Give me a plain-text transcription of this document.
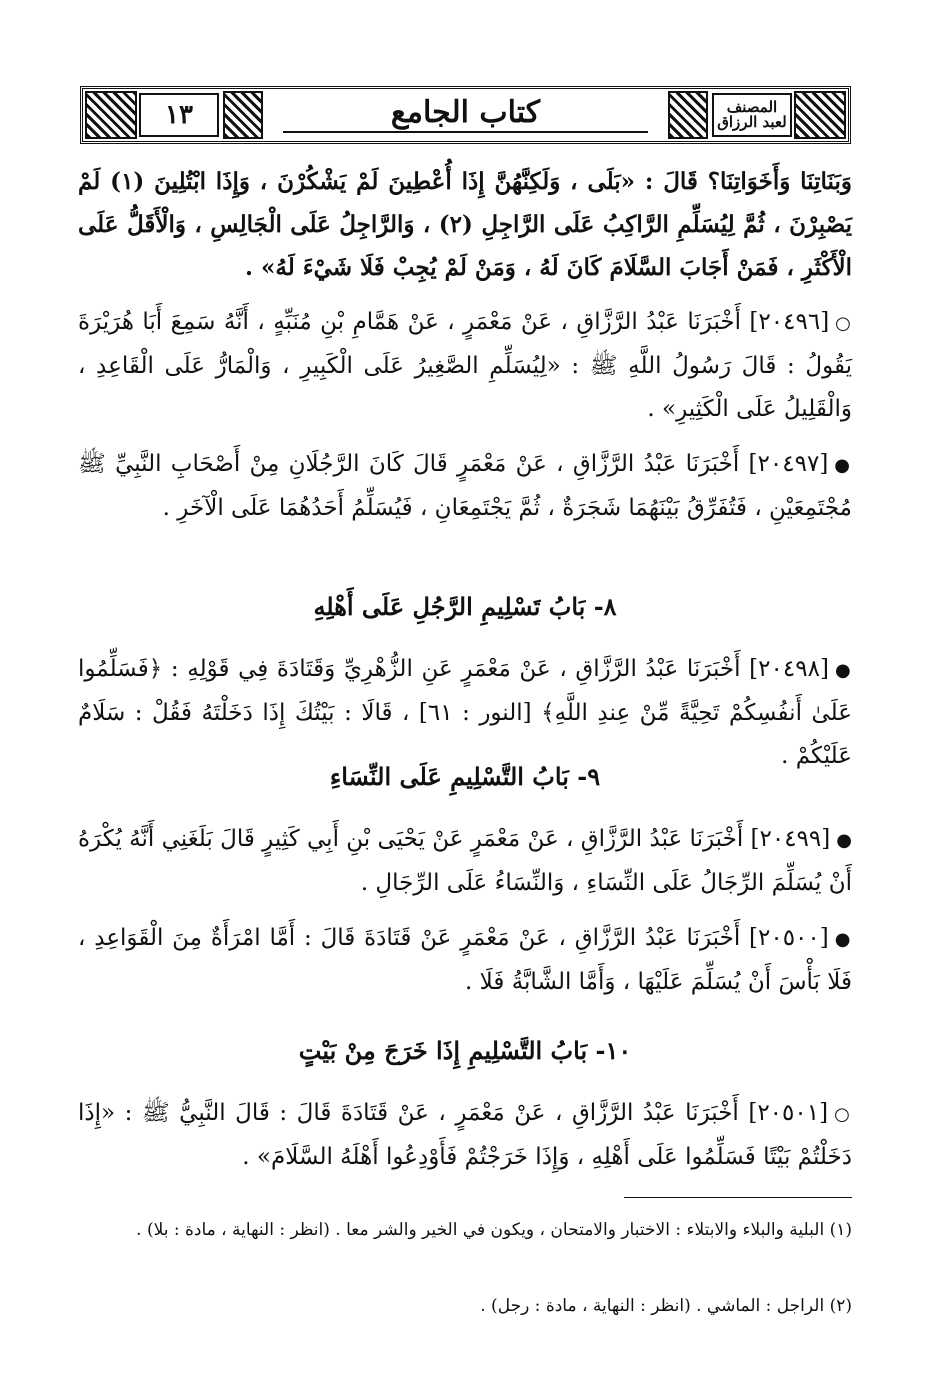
المصنف لعبد الرزاق
كتاب الجامع
١٣

وَبَنَاتِنَا وَأَخَوَاتِنَا؟ قَالَ : «بَلَى ، وَلَكِنَّهُنَّ إِذَا أُعْطِينَ لَمْ يَشْكُرْنَ ، وَإِذَا ابْتُلِينَ (١) لَمْ يَصْبِرْنَ ، ثُمَّ لِيُسَلِّمِ الرَّاكِبُ عَلَى الرَّاجِلِ (٢) ، وَالرَّاجِلُ عَلَى الْجَالِسِ ، وَالْأَقَلُّ عَلَى الْأَكْثَرِ ، فَمَنْ أَجَابَ السَّلَامَ كَانَ لَهُ ، وَمَنْ لَمْ يُجِبْ فَلَا شَيْءَ لَهُ» .

○[٢٠٤٩٦] أَخْبَرَنَا عَبْدُ الرَّزَّاقِ ، عَنْ مَعْمَرٍ ، عَنْ هَمَّامِ بْنِ مُنَبِّهٍ ، أَنَّهُ سَمِعَ أَبَا هُرَيْرَةَ يَقُولُ : قَالَ رَسُولُ اللَّهِ ﷺ : «لِيُسَلِّمِ الصَّغِيرُ عَلَى الْكَبِيرِ ، وَالْمَارُّ عَلَى الْقَاعِدِ ، وَالْقَلِيلُ عَلَى الْكَثِيرِ» .

●[٢٠٤٩٧] أَخْبَرَنَا عَبْدُ الرَّزَّاقِ ، عَنْ مَعْمَرٍ قَالَ كَانَ الرَّجُلَانِ مِنْ أَصْحَابِ النَّبِيِّ ﷺ مُجْتَمِعَيْنِ ، فَتُفَرِّقُ بَيْنَهُمَا شَجَرَةٌ ، ثُمَّ يَجْتَمِعَانِ ، فَيُسَلِّمُ أَحَدُهُمَا عَلَى الْآخَرِ .

٨- بَابُ تَسْلِيمِ الرَّجُلِ عَلَى أَهْلِهِ

●[٢٠٤٩٨] أَخْبَرَنَا عَبْدُ الرَّزَّاقِ ، عَنْ مَعْمَرٍ عَنِ الزُّهْرِيِّ وَقَتَادَةَ فِي قَوْلِهِ : ﴿فَسَلِّمُوا عَلَىٰ أَنفُسِكُمْ تَحِيَّةً مِّنْ عِندِ اللَّهِ﴾ [النور : ٦١] ، قَالَا : بَيْتُكَ إِذَا دَخَلْتَهُ فَقُلْ : سَلَامٌ عَلَيْكُمْ .

٩- بَابُ التَّسْلِيمِ عَلَى النِّسَاءِ

●[٢٠٤٩٩] أَخْبَرَنَا عَبْدُ الرَّزَّاقِ ، عَنْ مَعْمَرٍ عَنْ يَحْيَى بْنِ أَبِي كَثِيرٍ قَالَ بَلَغَنِي أَنَّهُ يُكْرَهُ أَنْ يُسَلِّمَ الرِّجَالُ عَلَى النِّسَاءِ ، وَالنِّسَاءُ عَلَى الرِّجَالِ .

●[٢٠٥٠٠] أَخْبَرَنَا عَبْدُ الرَّزَّاقِ ، عَنْ مَعْمَرٍ عَنْ قَتَادَةَ قَالَ : أَمَّا امْرَأَةٌ مِنَ الْقَوَاعِدِ ، فَلَا بَأْسَ أَنْ يُسَلِّمَ عَلَيْهَا ، وَأَمَّا الشَّابَّةُ فَلَا .

١٠- بَابُ التَّسْلِيمِ إِذَا خَرَجَ مِنْ بَيْتٍ

○[٢٠٥٠١] أَخْبَرَنَا عَبْدُ الرَّزَّاقِ ، عَنْ مَعْمَرٍ ، عَنْ قَتَادَةَ قَالَ : قَالَ النَّبِيُّ ﷺ : «إِذَا دَخَلْتُمْ بَيْتًا فَسَلِّمُوا عَلَى أَهْلِهِ ، وَإِذَا خَرَجْتُمْ فَأَوْدِعُوا أَهْلَهُ السَّلَامَ» .

(١) البلية والبلاء والابتلاء : الاختبار والامتحان ، ويكون في الخير والشر معا . (انظر : النهاية ، مادة : بلا) .
(٢) الراجل : الماشي . (انظر : النهاية ، مادة : رجل) .
